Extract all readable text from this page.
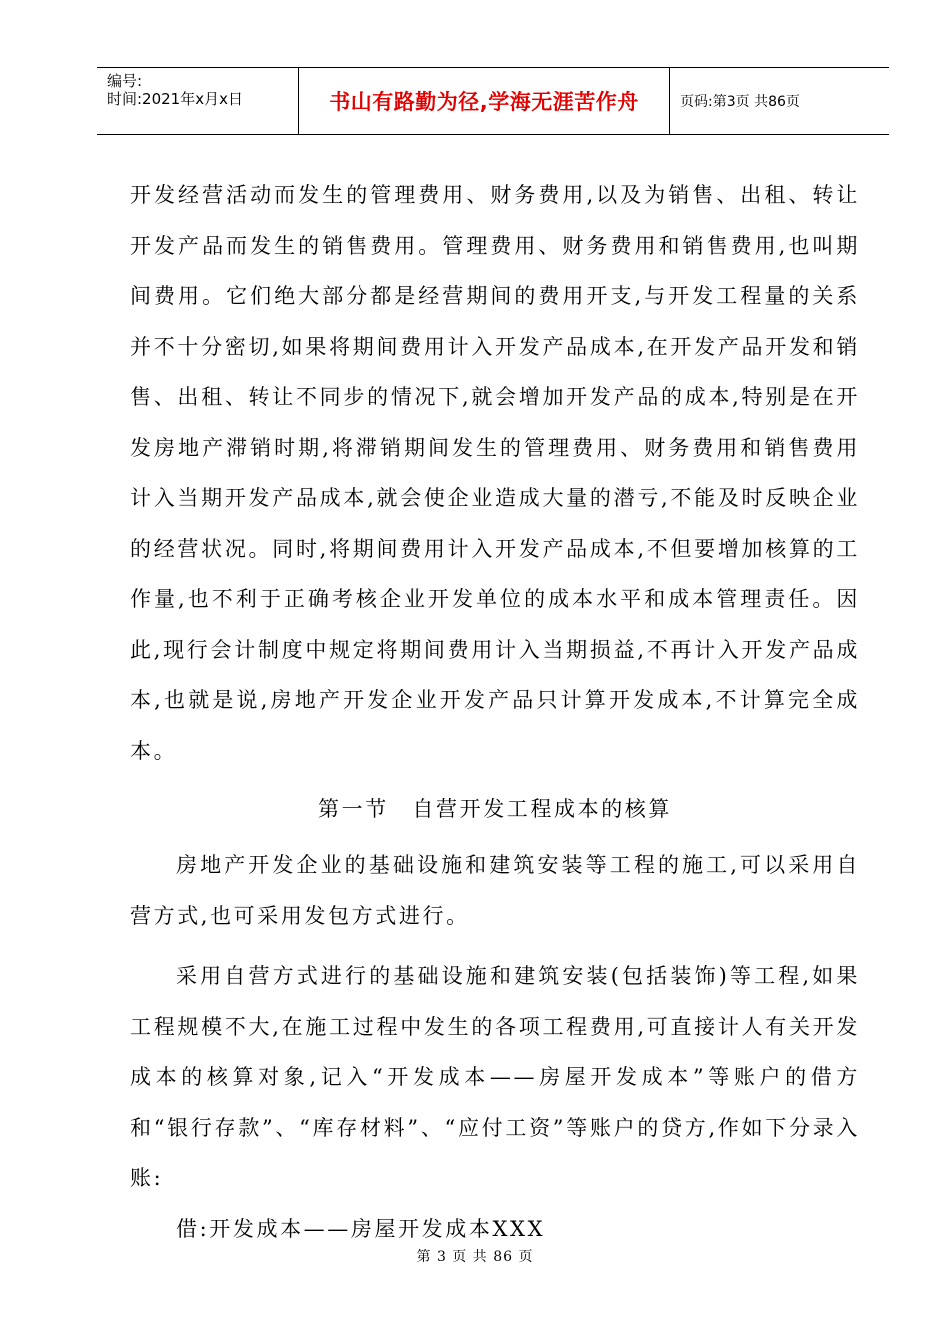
编号:
时间:2021年x月x日	书山有路勤为径,学海无涯苦作舟	页码:第3页 共86页

开发经营活动而发生的管理费用、财务费用,以及为销售、出租、转让开发产品而发生的销售费用。管理费用、财务费用和销售费用,也叫期间费用。它们绝大部分都是经营期间的费用开支,与开发工程量的关系并不十分密切,如果将期间费用计入开发产品成本,在开发产品开发和销售、出租、转让不同步的情况下,就会增加开发产品的成本,特别是在开发房地产滞销时期,将滞销期间发生的管理费用、财务费用和销售费用计入当期开发产品成本,就会使企业造成大量的潜亏,不能及时反映企业的经营状况。同时,将期间费用计入开发产品成本,不但要增加核算的工作量,也不利于正确考核企业开发单位的成本水平和成本管理责任。因此,现行会计制度中规定将期间费用计入当期损益,不再计入开发产品成本,也就是说,房地产开发企业开发产品只计算开发成本,不计算完全成本。

第一节　自营开发工程成本的核算

房地产开发企业的基础设施和建筑安装等工程的施工,可以采用自营方式,也可采用发包方式进行。

采用自营方式进行的基础设施和建筑安装(包括装饰)等工程,如果工程规模不大,在施工过程中发生的各项工程费用,可直接计人有关开发成本的核算对象,记入“开发成本——房屋开发成本”等账户的借方和“银行存款”、“库存材料”、“应付工资”等账户的贷方,作如下分录入账:

借:开发成本——房屋开发成本XXX

第 3 页 共 86 页
